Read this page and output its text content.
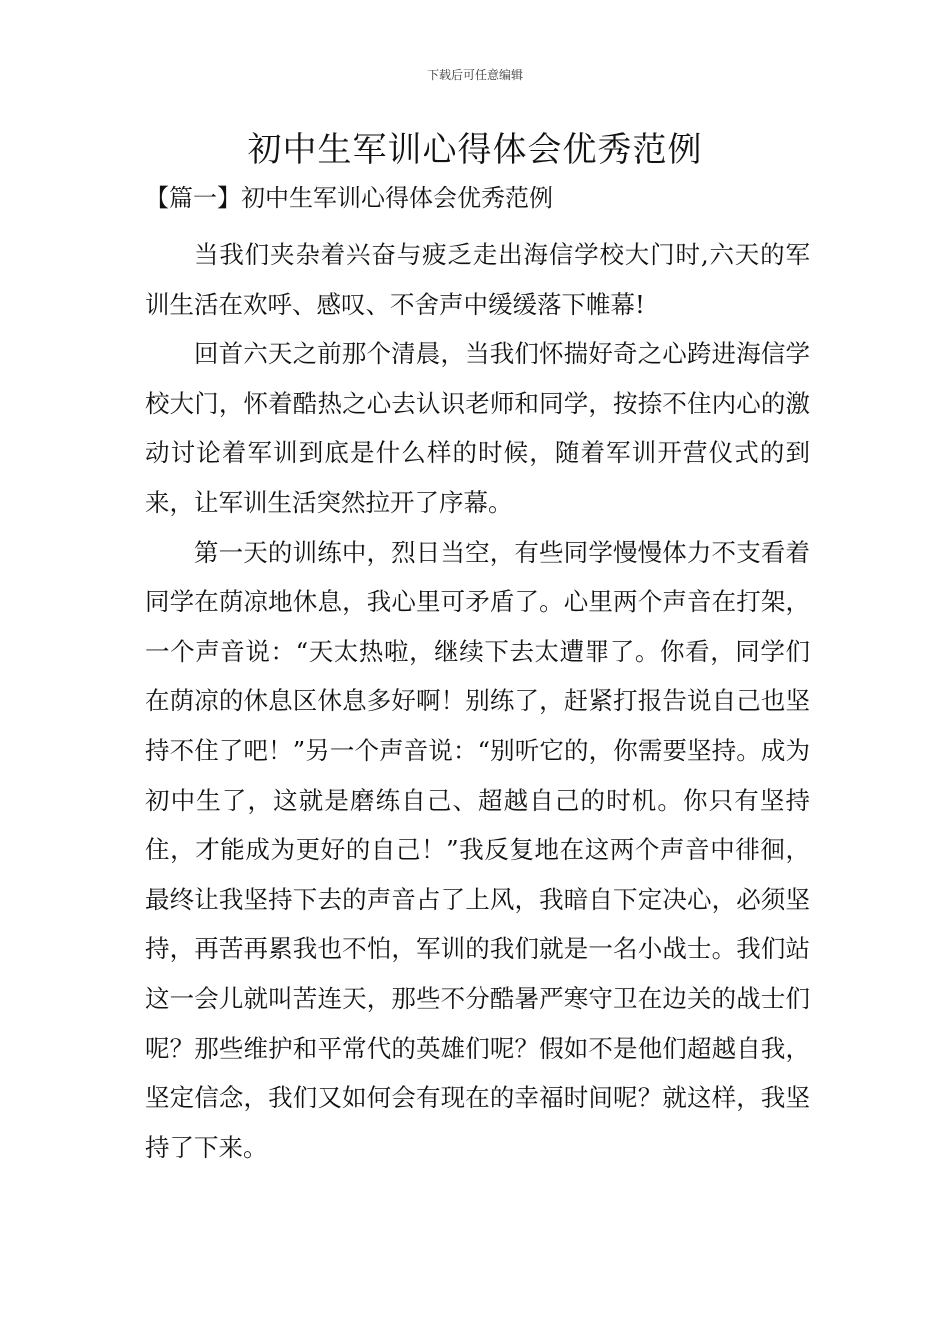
下载后可任意编辑
初中生军训心得体会优秀范例
【篇一】初中生军训心得体会优秀范例

当我们夹杂着兴奋与疲乏走出海信学校大门时,六天的军训生活在欢呼、感叹、不舍声中缓缓落下帷幕!

回首六天之前那个清晨，当我们怀揣好奇之心跨进海信学校大门，怀着酷热之心去认识老师和同学，按捺不住内心的激动讨论着军训到底是什么样的时候，随着军训开营仪式的到来，让军训生活突然拉开了序幕。

第一天的训练中，烈日当空，有些同学慢慢体力不支看着同学在荫凉地休息，我心里可矛盾了。心里两个声音在打架，一个声音说：“天太热啦，继续下去太遭罪了。你看，同学们在荫凉的休息区休息多好啊！别练了，赶紧打报告说自己也坚持不住了吧！”另一个声音说：“别听它的，你需要坚持。成为初中生了，这就是磨练自己、超越自己的时机。你只有坚持住，才能成为更好的自己！”我反复地在这两个声音中徘徊，最终让我坚持下去的声音占了上风，我暗自下定决心，必须坚持，再苦再累我也不怕，军训的我们就是一名小战士。我们站这一会儿就叫苦连天，那些不分酷暑严寒守卫在边关的战士们呢？那些维护和平常代的英雄们呢？假如不是他们超越自我，坚定信念，我们又如何会有现在的幸福时间呢？就这样，我坚持了下来。
